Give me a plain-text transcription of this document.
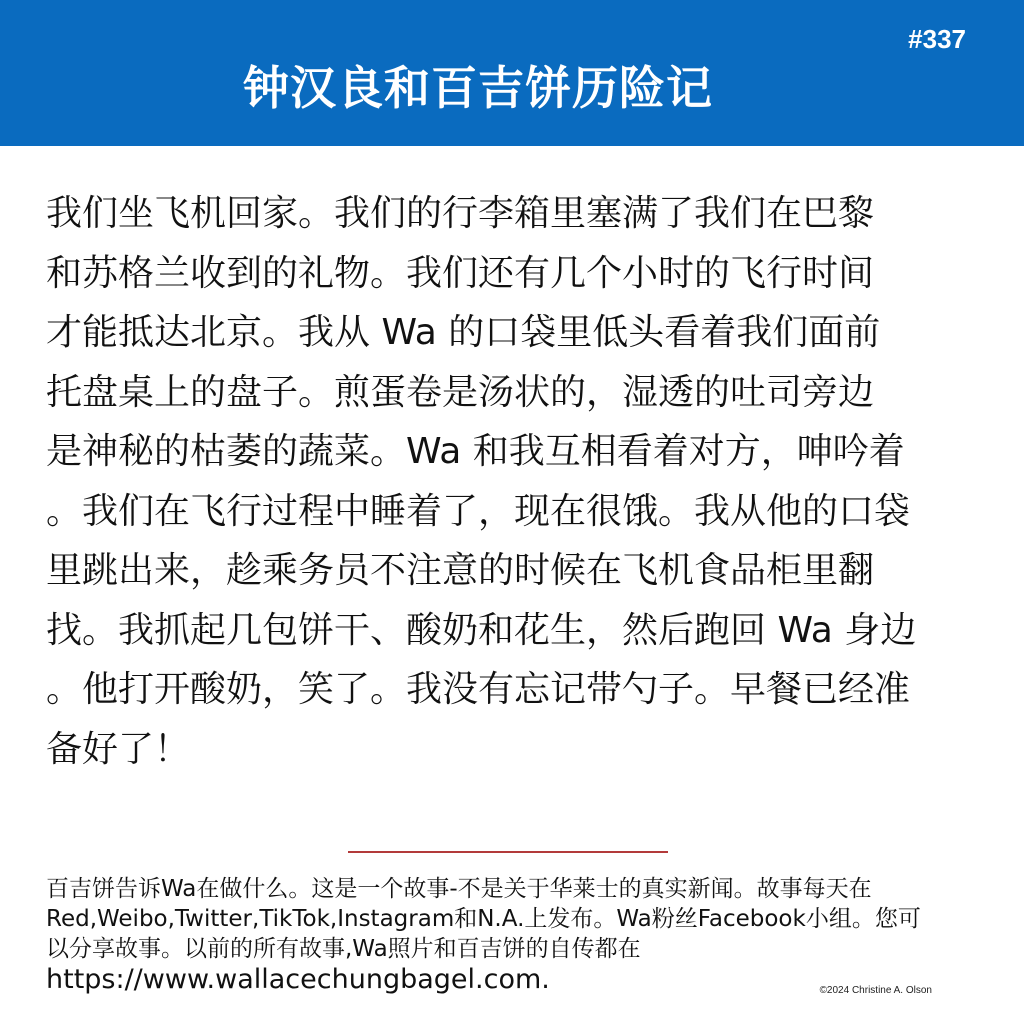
#337
钟汉良和百吉饼历险记
我们坐飞机回家。我们的行李箱里塞满了我们在巴黎
和苏格兰收到的礼物。我们还有几个小时的飞行时间
才能抵达北京。我从 Wa 的口袋里低头看着我们面前
托盘桌上的盘子。煎蛋卷是汤状的，湿透的吐司旁边
是神秘的枯萎的蔬菜。Wa 和我互相看着对方，呻吟着
。我们在飞行过程中睡着了，现在很饿。我从他的口袋
里跳出来，趁乘务员不注意的时候在飞机食品柜里翻
找。我抓起几包饼干、酸奶和花生，然后跑回 Wa 身边
。他打开酸奶，笑了。我没有忘记带勺子。早餐已经准
备好了！
百吉饼告诉Wa在做什么。这是一个故事-不是关于华莱士的真实新闻。故事每天在
Red,Weibo,Twitter,TikTok,Instagram和N.A.上发布。Wa粉丝Facebook小组。您可
以分享故事。以前的所有故事,Wa照片和百吉饼的自传都在
https://www.wallacechungbagel.com.	©2024 Christine A. Olson
